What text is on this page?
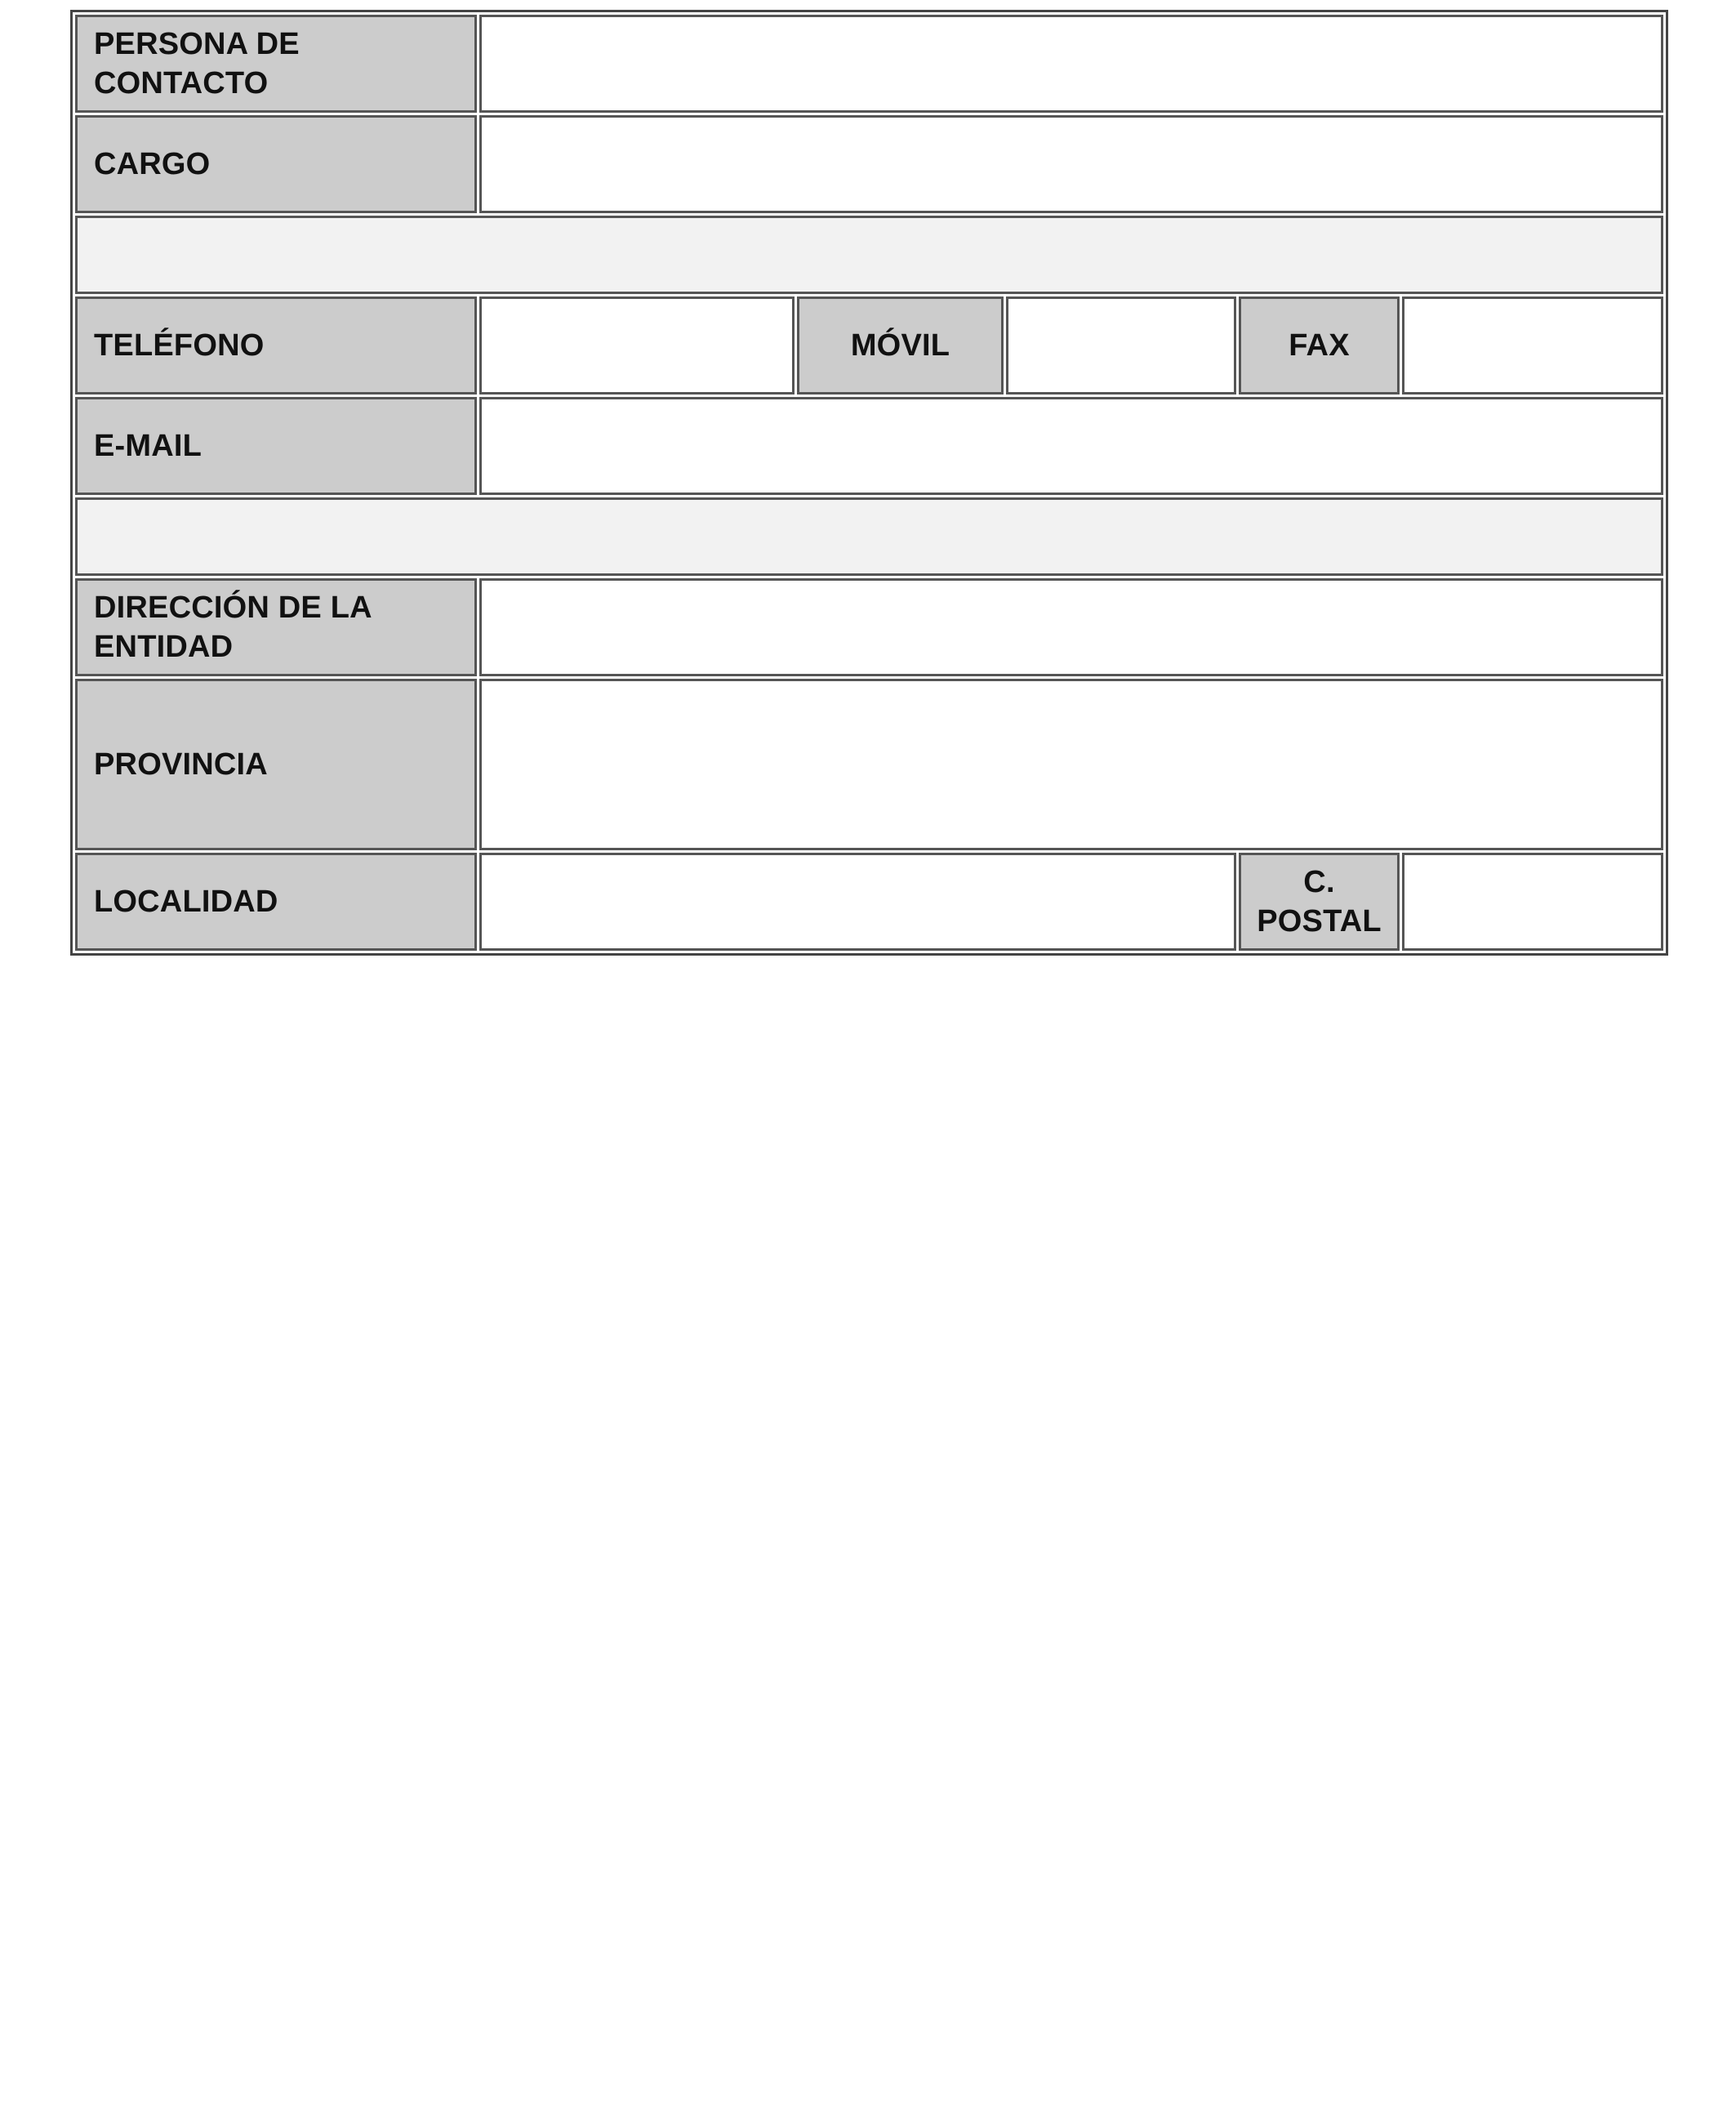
PERSONA DE CONTACTO					

CARGO					

TELÉFONO		MÓVIL		FAX	

E-MAIL					

DIRECCIÓN DE LA ENTIDAD					

PROVINCIA					

LOCALIDAD				C. POSTAL	
